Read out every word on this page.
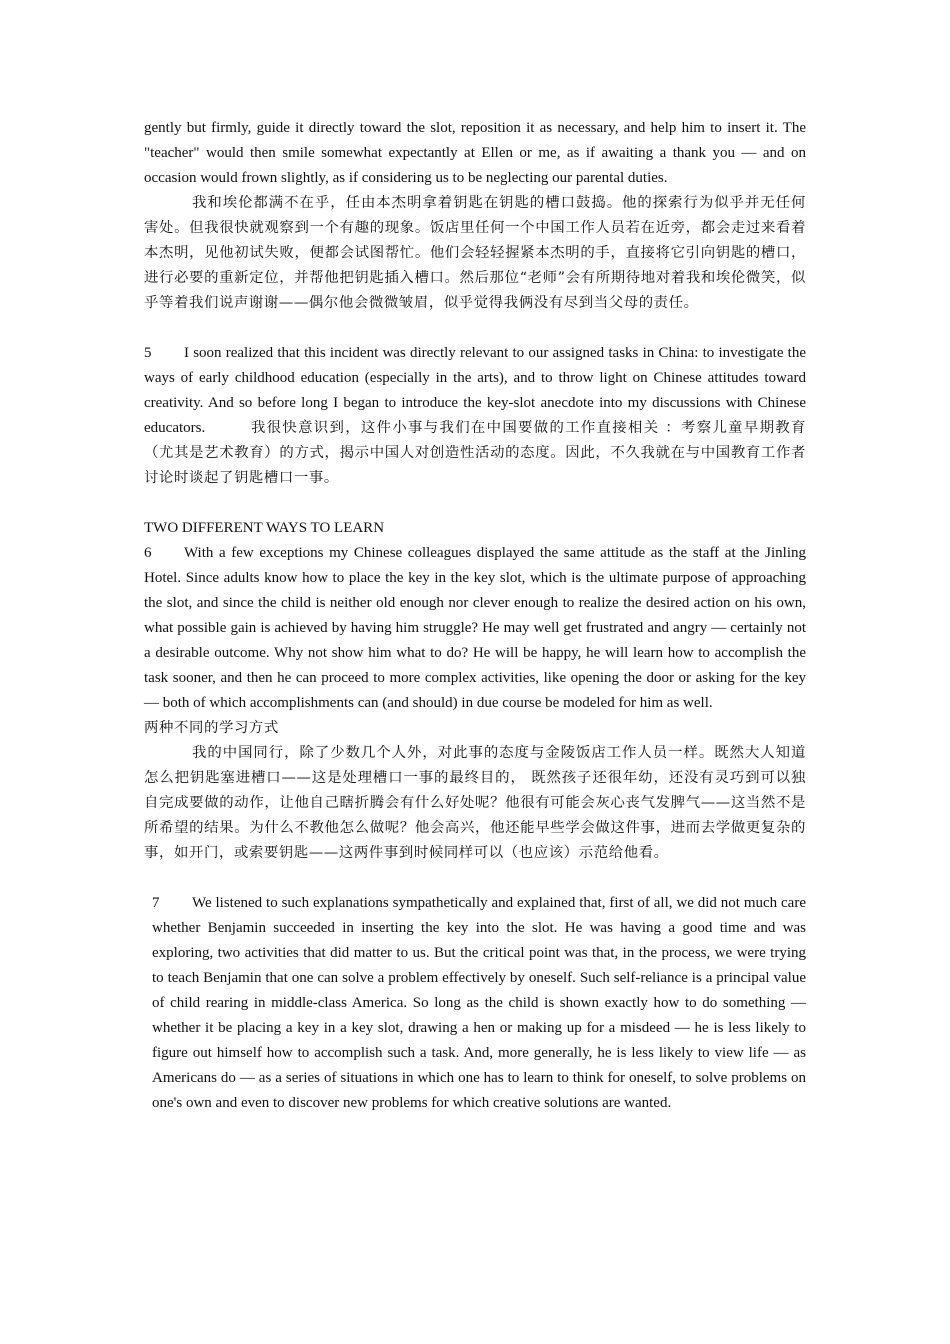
gently but firmly, guide it directly toward the slot, reposition it as necessary, and help him to insert it. The "teacher" would then smile somewhat expectantly at Ellen or me, as if awaiting a thank you — and on occasion would frown slightly, as if considering us to be neglecting our parental duties.

我和埃伦都满不在乎，任由本杰明拿着钥匙在钥匙的槽口鼓捣。他的探索行为似乎并无任何害处。但我很快就观察到一个有趣的现象。饭店里任何一个中国工作人员若在近旁，都会走过来看着本杰明，见他初试失败，便都会试图帮忙。他们会轻轻握紧本杰明的手，直接将它引向钥匙的槽口，进行必要的重新定位，并帮他把钥匙插入槽口。然后那位“老师”会有所期待地对着我和埃伦微笑，似乎等着我们说声谢谢——偶尔他会微微皱眉，似乎觉得我俩没有尽到当父母的责任。

5 I soon realized that this incident was directly relevant to our assigned tasks in China: to investigate the ways of early childhood education (especially in the arts), and to throw light on Chinese attitudes toward creativity. And so before long I began to introduce the key-slot anecdote into my discussions with Chinese educators.   	我很快意识到，这件小事与我们在中国要做的工作直接相关 ：考察儿童早期教育 （尤其是艺术教育）的方式，揭示中国人对创造性活动的态度。因此，不久我就在与中国教育工作者讨论时谈起了钥匙槽口一事。

TWO DIFFERENT WAYS TO LEARN

6 With a few exceptions my Chinese colleagues displayed the same attitude as the staff at the Jinling Hotel. Since adults know how to place the key in the key slot, which is the ultimate purpose of approaching the slot, and since the child is neither old enough nor clever enough to realize the desired action on his own, what possible gain is achieved by having him struggle? He may well get frustrated and angry — certainly not a desirable outcome. Why not show him what to do? He will be happy, he will learn how to accomplish the task sooner, and then he can proceed to more complex activities, like opening the door or asking for the key — both of which accomplishments can (and should) in due course be modeled for him as well.

两种不同的学习方式

我的中国同行，除了少数几个人外，对此事的态度与金陵饭店工作人员一样。既然大人知道怎么把钥匙塞进槽口——这是处理槽口一事的最终目的， 既然孩子还很年幼，还没有灵巧到可以独自完成要做的动作，让他自己瞎折腾会有什么好处呢？他很有可能会灰心丧气发脾气——这当然不是所希望的结果。为什么不教他怎么做呢？他会高兴，他还能早些学会做这件事，进而去学做更复杂的事，如开门，或索要钥匙——这两件事到时候同样可以（也应该）示范给他看。

7 We listened to such explanations sympathetically and explained that, first of all, we did not much care whether Benjamin succeeded in inserting the key into the slot. He was having a good time and was exploring, two activities that did matter to us. But the critical point was that, in the process, we were trying to teach Benjamin that one can solve a problem effectively by oneself. Such self-reliance is a principal value of child rearing in middle-class America. So long as the child is shown exactly how to do something — whether it be placing a key in a key slot, drawing a hen or making up for a misdeed — he is less likely to figure out himself how to accomplish such a task. And, more generally, he is less likely to view life — as Americans do — as a series of situations in which one has to learn to think for oneself, to solve problems on one's own and even to discover new problems for which creative solutions are wanted.
